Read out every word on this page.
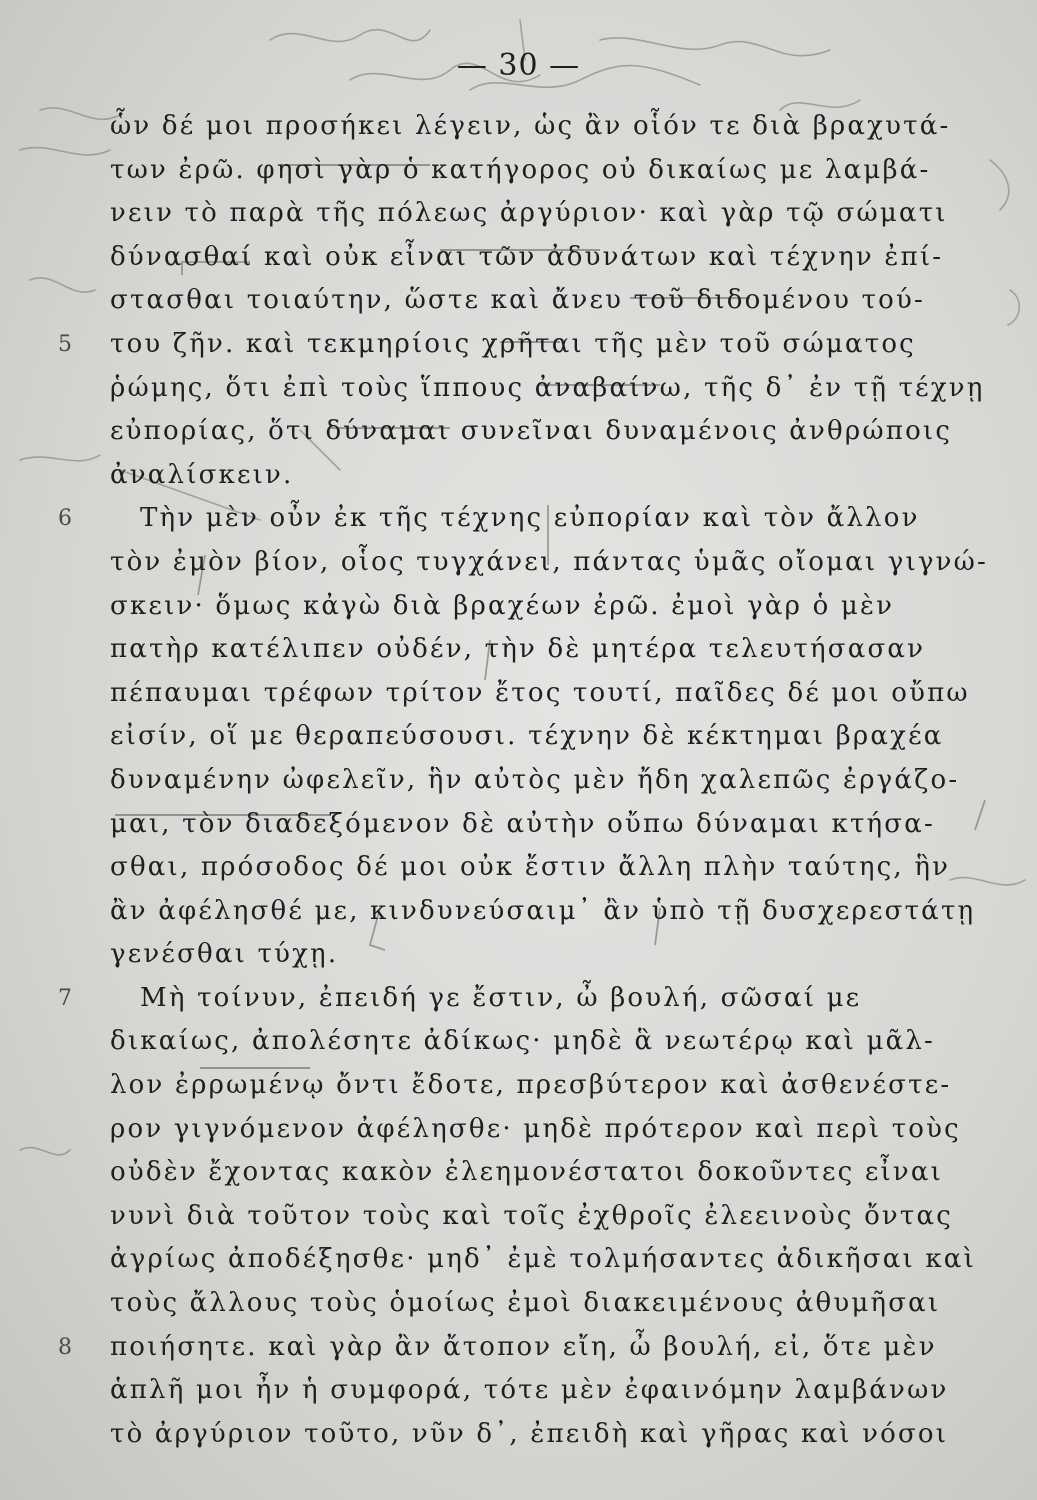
— 30 —
ὧν δέ μοι προσήκει λέγειν, ὡς ἂν οἷόν τε διὰ βραχυτά-
των ἐρῶ. φησὶ γὰρ ὁ κατήγορος οὐ δικαίως με λαμβά-
νειν τὸ παρὰ τῆς πόλεως ἀργύριον· καὶ γὰρ τῷ σώματι
δύνασθαί καὶ οὐκ εἶναι τῶν ἀδυνάτων καὶ τέχνην ἐπί-
στασθαι τοιαύτην, ὥστε καὶ ἄνευ τοῦ διδομένου τού-
5	του ζῆν. καὶ τεκμηρίοις χρῆται τῆς μὲν τοῦ σώματος
ῥώμης, ὅτι ἐπὶ τοὺς ἵππους ἀναβαίνω, τῆς δ᾽ ἐν τῇ τέχνῃ
εὐπορίας, ὅτι δύναμαι συνεῖναι δυναμένοις ἀνθρώποις
ἀναλίσκειν.
6	Τὴν μὲν οὖν ἐκ τῆς τέχνης εὐπορίαν καὶ τὸν ἄλλον
τὸν ἐμὸν βίον, οἷος τυγχάνει, πάντας ὑμᾶς οἴομαι γιγνώ-
σκειν· ὅμως κἀγὼ διὰ βραχέων ἐρῶ. ἐμοὶ γὰρ ὁ μὲν
πατὴρ κατέλιπεν οὐδέν, τὴν δὲ μητέρα τελευτήσασαν
πέπαυμαι τρέφων τρίτον ἔτος τουτί, παῖδες δέ μοι οὔπω
εἰσίν, οἵ με θεραπεύσουσι. τέχνην δὲ κέκτημαι βραχέα
δυναμένην ὠφελεῖν, ἣν αὐτὸς μὲν ἤδη χαλεπῶς ἐργάζο-
μαι, τὸν διαδεξόμενον δὲ αὐτὴν οὔπω δύναμαι κτήσα-
σθαι, πρόσοδος δέ μοι οὐκ ἔστιν ἄλλη πλὴν ταύτης, ἣν
ἂν ἀφέλησθέ με, κινδυνεύσαιμ᾽ ἂν ὑπὸ τῇ δυσχερεστάτῃ
γενέσθαι τύχῃ.
7	Μὴ τοίνυν, ἐπειδή γε ἔστιν, ὦ βουλή, σῶσαί με
δικαίως, ἀπολέσητε ἀδίκως· μηδὲ ἃ νεωτέρῳ καὶ μᾶλ-
λον ἐρρωμένῳ ὄντι ἔδοτε, πρεσβύτερον καὶ ἀσθενέστε-
ρον γιγνόμενον ἀφέλησθε· μηδὲ πρότερον καὶ περὶ τοὺς
οὐδὲν ἔχοντας κακὸν ἐλεημονέστατοι δοκοῦντες εἶναι
νυνὶ διὰ τοῦτον τοὺς καὶ τοῖς ἐχθροῖς ἐλεεινοὺς ὄντας
ἀγρίως ἀποδέξησθε· μηδ᾽ ἐμὲ τολμήσαντες ἀδικῆσαι καὶ
τοὺς ἄλλους τοὺς ὁμοίως ἐμοὶ διακειμένους ἀθυμῆσαι
8	ποιήσητε. καὶ γὰρ ἂν ἄτοπον εἴη, ὦ βουλή, εἰ, ὅτε μὲν
ἁπλῆ μοι ἦν ἡ συμφορά, τότε μὲν ἐφαινόμην λαμβάνων
τὸ ἀργύριον τοῦτο, νῦν δ᾽, ἐπειδὴ καὶ γῆρας καὶ νόσοι
